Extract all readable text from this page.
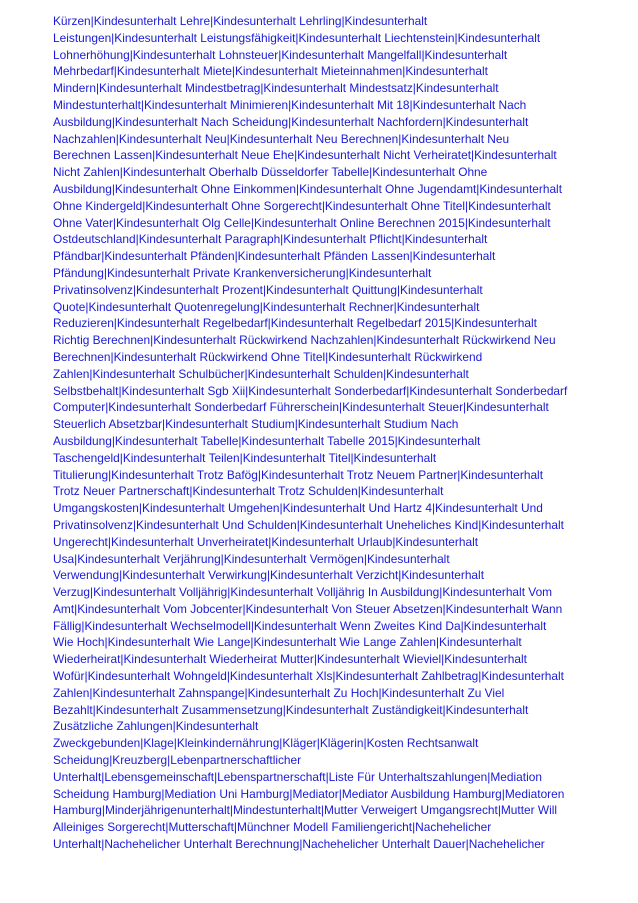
Kürzen|Kindesunterhalt Lehre|Kindesunterhalt Lehrling|Kindesunterhalt
Leistungen|Kindesunterhalt Leistungsfähigkeit|Kindesunterhalt Liechtenstein|Kindesunterhalt
Lohnerhöhung|Kindesunterhalt Lohnsteuer|Kindesunterhalt Mangelfall|Kindesunterhalt
Mehrbedarf|Kindesunterhalt Miete|Kindesunterhalt Mieteinnahmen|Kindesunterhalt
Mindern|Kindesunterhalt Mindestbetrag|Kindesunterhalt Mindestsatz|Kindesunterhalt
Mindestunterhalt|Kindesunterhalt Minimieren|Kindesunterhalt Mit 18|Kindesunterhalt Nach
Ausbildung|Kindesunterhalt Nach Scheidung|Kindesunterhalt Nachfordern|Kindesunterhalt
Nachzahlen|Kindesunterhalt Neu|Kindesunterhalt Neu Berechnen|Kindesunterhalt Neu
Berechnen Lassen|Kindesunterhalt Neue Ehe|Kindesunterhalt Nicht Verheiratet|Kindesunterhalt
Nicht Zahlen|Kindesunterhalt Oberhalb Düsseldorfer Tabelle|Kindesunterhalt Ohne
Ausbildung|Kindesunterhalt Ohne Einkommen|Kindesunterhalt Ohne Jugendamt|Kindesunterhalt
Ohne Kindergeld|Kindesunterhalt Ohne Sorgerecht|Kindesunterhalt Ohne Titel|Kindesunterhalt
Ohne Vater|Kindesunterhalt Olg Celle|Kindesunterhalt Online Berechnen 2015|Kindesunterhalt
Ostdeutschland|Kindesunterhalt Paragraph|Kindesunterhalt Pflicht|Kindesunterhalt
Pfändbar|Kindesunterhalt Pfänden|Kindesunterhalt Pfänden Lassen|Kindesunterhalt
Pfändung|Kindesunterhalt Private Krankenversicherung|Kindesunterhalt
Privatinsolvenz|Kindesunterhalt Prozent|Kindesunterhalt Quittung|Kindesunterhalt
Quote|Kindesunterhalt Quotenregelung|Kindesunterhalt Rechner|Kindesunterhalt
Reduzieren|Kindesunterhalt Regelbedarf|Kindesunterhalt Regelbedarf 2015|Kindesunterhalt
Richtig Berechnen|Kindesunterhalt Rückwirkend Nachzahlen|Kindesunterhalt Rückwirkend Neu
Berechnen|Kindesunterhalt Rückwirkend Ohne Titel|Kindesunterhalt Rückwirkend
Zahlen|Kindesunterhalt Schulbücher|Kindesunterhalt Schulden|Kindesunterhalt
Selbstbehalt|Kindesunterhalt Sgb Xii|Kindesunterhalt Sonderbedarf|Kindesunterhalt Sonderbedarf
Computer|Kindesunterhalt Sonderbedarf Führerschein|Kindesunterhalt Steuer|Kindesunterhalt
Steuerlich Absetzbar|Kindesunterhalt Studium|Kindesunterhalt Studium Nach
Ausbildung|Kindesunterhalt Tabelle|Kindesunterhalt Tabelle 2015|Kindesunterhalt
Taschengeld|Kindesunterhalt Teilen|Kindesunterhalt Titel|Kindesunterhalt
Titulierung|Kindesunterhalt Trotz Bafög|Kindesunterhalt Trotz Neuem Partner|Kindesunterhalt
Trotz Neuer Partnerschaft|Kindesunterhalt Trotz Schulden|Kindesunterhalt
Umgangskosten|Kindesunterhalt Umgehen|Kindesunterhalt Und Hartz 4|Kindesunterhalt Und
Privatinsolvenz|Kindesunterhalt Und Schulden|Kindesunterhalt Uneheliches Kind|Kindesunterhalt
Ungerecht|Kindesunterhalt Unverheiratet|Kindesunterhalt Urlaub|Kindesunterhalt
Usa|Kindesunterhalt Verjährung|Kindesunterhalt Vermögen|Kindesunterhalt
Verwendung|Kindesunterhalt Verwirkung|Kindesunterhalt Verzicht|Kindesunterhalt
Verzug|Kindesunterhalt Volljährig|Kindesunterhalt Volljährig In Ausbildung|Kindesunterhalt Vom
Amt|Kindesunterhalt Vom Jobcenter|Kindesunterhalt Von Steuer Absetzen|Kindesunterhalt Wann
Fällig|Kindesunterhalt Wechselmodell|Kindesunterhalt Wenn Zweites Kind Da|Kindesunterhalt
Wie Hoch|Kindesunterhalt Wie Lange|Kindesunterhalt Wie Lange Zahlen|Kindesunterhalt
Wiederheirat|Kindesunterhalt Wiederheirat Mutter|Kindesunterhalt Wieviel|Kindesunterhalt
Wofür|Kindesunterhalt Wohngeld|Kindesunterhalt Xls|Kindesunterhalt Zahlbetrag|Kindesunterhalt
Zahlen|Kindesunterhalt Zahnspange|Kindesunterhalt Zu Hoch|Kindesunterhalt Zu Viel
Bezahlt|Kindesunterhalt Zusammensetzung|Kindesunterhalt Zuständigkeit|Kindesunterhalt
Zusätzliche Zahlungen|Kindesunterhalt
Zweckgebunden|Klage|Kleinkindernährung|Kläger|Klägerin|Kosten Rechtsanwalt
Scheidung|Kreuzberg|Lebenpartnerschaftlicher
Unterhalt|Lebensgemeinschaft|Lebenspartnerschaft|Liste Für Unterhaltszahlungen|Mediation
Scheidung Hamburg|Mediation Uni Hamburg|Mediator|Mediator Ausbildung Hamburg|Mediatoren
Hamburg|Minderjährigenunterhalt|Mindestunterhalt|Mutter Verweigert Umgangsrecht|Mutter Will
Alleiniges Sorgerecht|Mutterschaft|Münchner Modell Familiengericht|Nachehelicher
Unterhalt|Nachehelicher Unterhalt Berechnung|Nachehelicher Unterhalt Dauer|Nachehelicher
